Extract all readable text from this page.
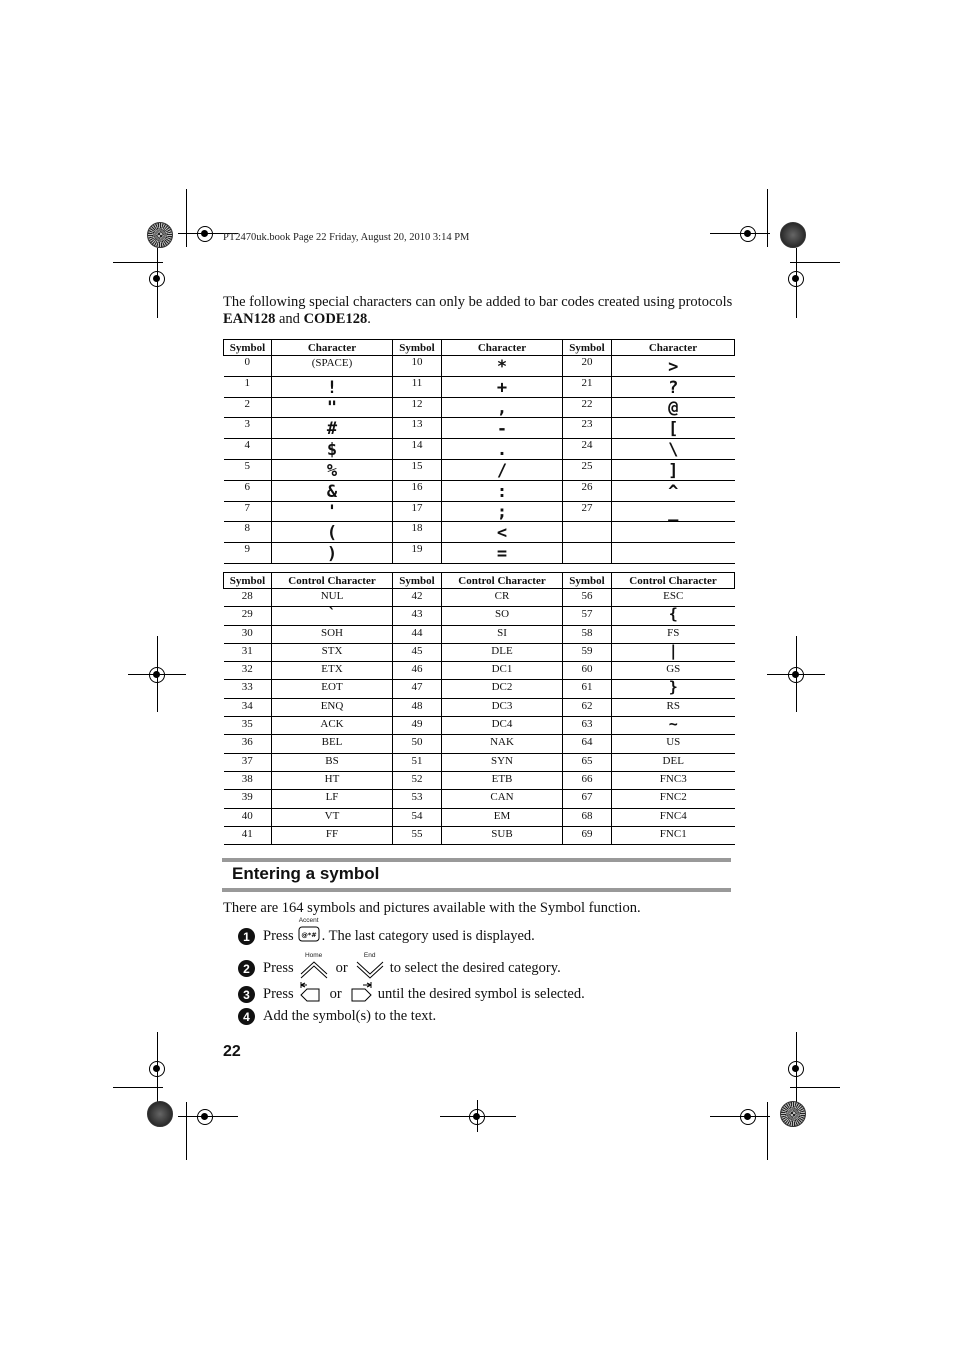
PT2470uk.book Page 22 Friday, August 20, 2010 3:14 PM
The following special characters can only be added to bar codes created using protocols EAN128 and CODE128.
Symbol	Character	Symbol	Character	Symbol	Character
0	(SPACE)	10	*	20	>
1	!	11	+	21	?
2	"	12	,	22	@
3	#	13	-	23	[
4	$	14	.	24	\
5	%	15	/	25	]
6	&	16	:	26	^
7	'	17	;	27	_
8	(	18	<		
9	)	19	=		
Symbol	Control Character	Symbol	Control Character	Symbol	Control Character
28	NUL	42	CR	56	ESC
29	`	43	SO	57	{
30	SOH	44	SI	58	FS
31	STX	45	DLE	59	|
32	ETX	46	DC1	60	GS
33	EOT	47	DC2	61	}
34	ENQ	48	DC3	62	RS
35	ACK	49	DC4	63	~
36	BEL	50	NAK	64	US
37	BS	51	SYN	65	DEL
38	HT	52	ETB	66	FNC3
39	LF	53	CAN	67	FNC2
40	VT	54	EM	68	FNC4
41	FF	55	SUB	69	FNC1
Entering a symbol
There are 164 symbols and pictures available with the Symbol function.
1 Press
Accent
@*# . The last category used is displayed.
2 Press
Home
or
End
to select the desired category.
3 Press or until the desired symbol is selected.
4 Add the symbol(s) to the text.
22
